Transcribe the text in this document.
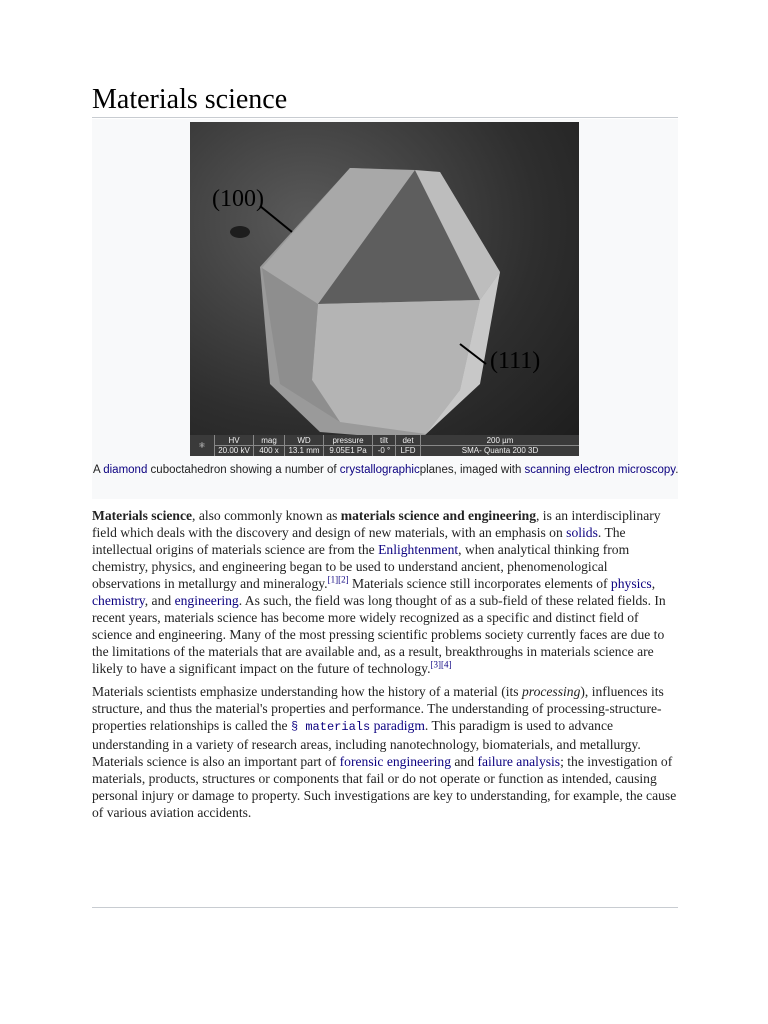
Materials science
(100)
(111)
⚛
HV
20.00 kV
mag
400 x
WD
13.1 mm
pressure
9.05E1 Pa
tilt
-0 °
det
LFD
200 µm
SMA- Quanta 200 3D
A diamond cuboctahedron showing a number of crystallographicplanes, imaged with scanning electron microscopy.

Materials science, also commonly known as materials science and engineering, is an interdisciplinary field which deals with the discovery and design of new materials, with an emphasis on solids. The intellectual origins of materials science are from the Enlightenment, when analytical thinking from chemistry, physics, and engineering began to be used to understand ancient, phenomenological observations in metallurgy and mineralogy.[1][2] Materials science still incorporates elements of physics, chemistry, and engineering. As such, the field was long thought of as a sub-field of these related fields. In recent years, materials science has become more widely recognized as a specific and distinct field of science and engineering. Many of the most pressing scientific problems society currently faces are due to the limitations of the materials that are available and, as a result, breakthroughs in materials science are likely to have a significant impact on the future of technology.[3][4]

Materials scientists emphasize understanding how the history of a material (its processing), influences its structure, and thus the material's properties and performance. The understanding of processing-structure-properties relationships is called the § materials paradigm. This paradigm is used to advance understanding in a variety of research areas, including nanotechnology, biomaterials, and metallurgy. Materials science is also an important part of forensic engineering and failure analysis; the investigation of materials, products, structures or components that fail or do not operate or function as intended, causing personal injury or damage to property. Such investigations are key to understanding, for example, the cause of various aviation accidents.
